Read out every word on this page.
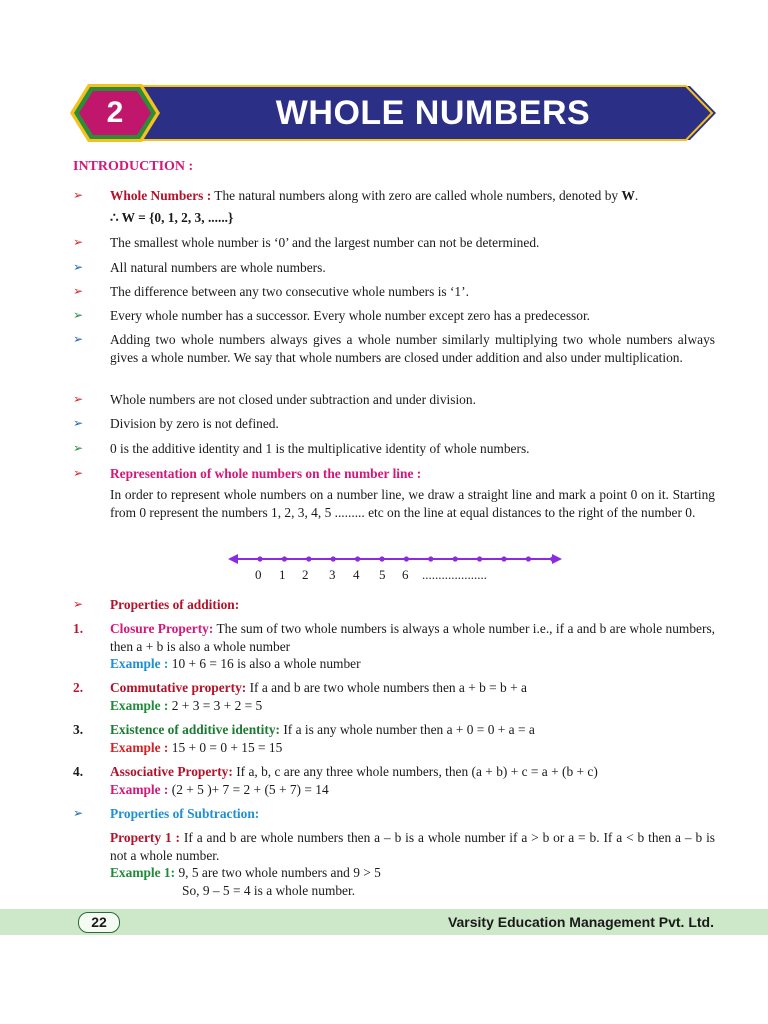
2	WHOLE NUMBERS
INTRODUCTION :
➢ Whole Numbers : The natural numbers along with zero are called whole numbers, denoted by W.
∴ W = {0, 1, 2, 3, ......}
➢ The smallest whole number is ‘0’ and the largest number can not be determined.
➢ All natural numbers are whole numbers.
➢ The difference between any two consecutive whole numbers is ‘1’.
➢ Every whole number has a successor. Every whole number except zero has a predecessor.
➢ Adding two whole numbers always gives a whole number similarly multiplying two whole numbers always gives a whole number. We say that whole numbers are closed under addition and also under multiplication.
➢ Whole numbers are not closed under subtraction and under division.
➢ Division by zero is not defined.
➢ 0 is the additive identity and 1 is the multiplicative identity of whole numbers.
➢ Representation of whole numbers on the number line :
In order to represent whole numbers on a number line, we draw a straight line and mark a point 0 on it. Starting from 0 represent the numbers 1, 2, 3, 4, 5 ......... etc on the line at equal distances to the right of the number 0.
0 1 2 3 4 5 6 ....................
➢ Properties of addition:
1. Closure Property: The sum of two whole numbers is always a whole number i.e., if a and b are whole numbers, then a + b is also a whole number
Example : 10 + 6 = 16 is also a whole number
2. Commutative property: If a and b are two whole numbers then a + b = b + a
Example : 2 + 3 = 3 + 2 = 5
3. Existence of additive identity: If a is any whole number then a + 0 = 0 + a = a
Example : 15 + 0 = 0 + 15 = 15
4. Associative Property: If a, b, c are any three whole numbers, then (a + b) + c = a + (b + c)
Example : (2 + 5 )+ 7 = 2 + (5 + 7) = 14
➢ Properties of Subtraction:
Property 1 : If a and b are whole numbers then a – b is a whole number if a > b or a = b. If a < b then a – b is not a whole number.
Example 1: 9, 5 are two whole numbers and 9 > 5
So, 9 – 5 = 4 is a whole number.
22	Varsity Education Management Pvt. Ltd.
